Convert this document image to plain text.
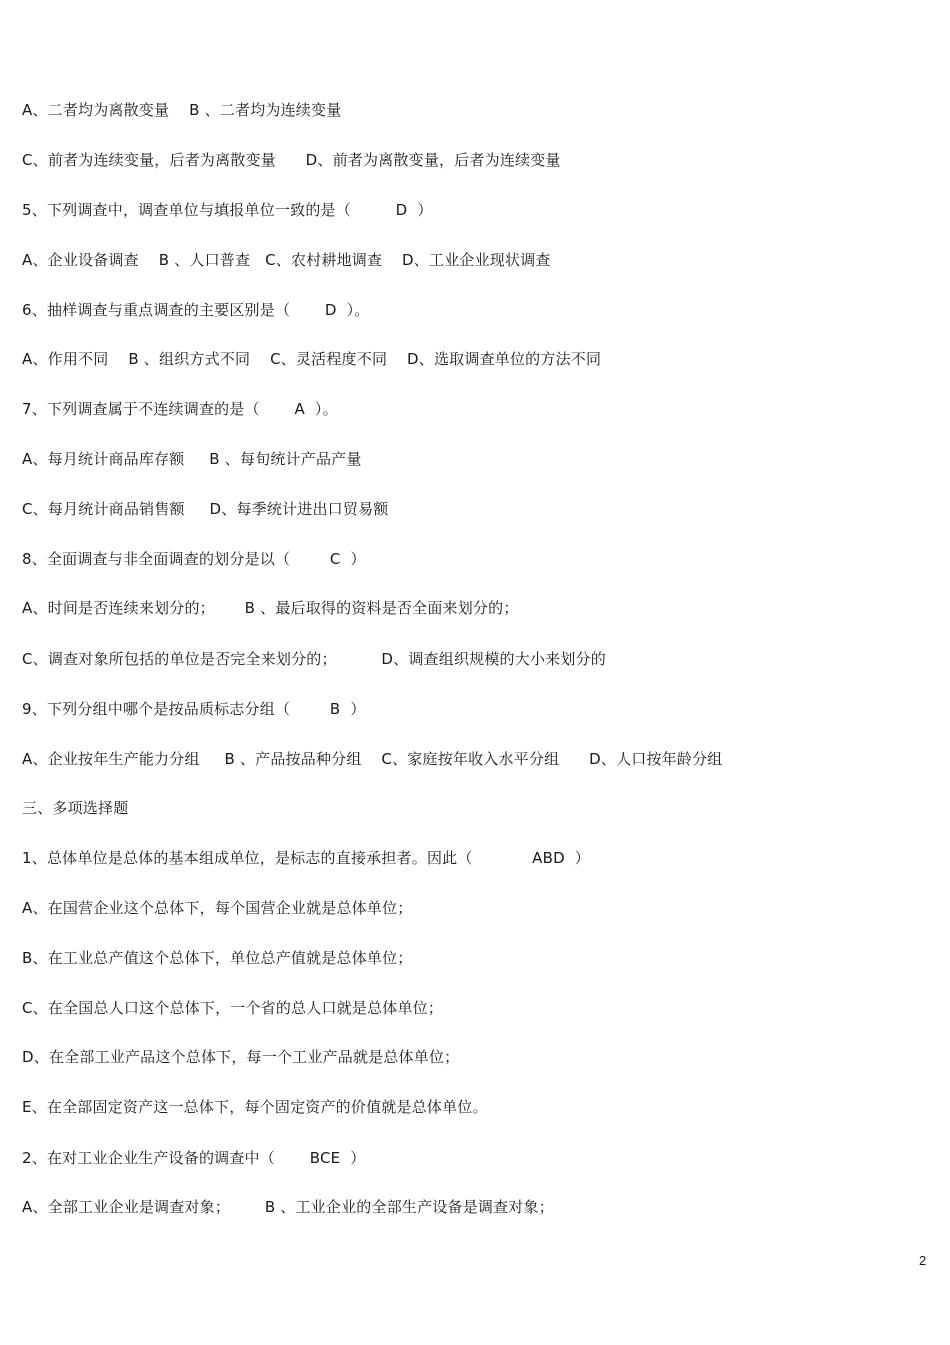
A、二者均为离散变量    B 、二者均为连续变量
C、前者为连续变量，后者为离散变量      D、前者为离散变量，后者为连续变量
5、下列调查中，调查单位与填报单位一致的是（         D  ）
A、企业设备调查    B 、人口普查   C、农村耕地调查    D、工业企业现状调查
6、抽样调查与重点调查的主要区别是（       D  ）。
A、作用不同    B 、组织方式不同    C、灵活程度不同    D、选取调查单位的方法不同
7、下列调查属于不连续调查的是（       A  ）。
A、每月统计商品库存额     B 、每旬统计产品产量
C、每月统计商品销售额     D、每季统计进出口贸易额
8、全面调查与非全面调查的划分是以（        C  ）
A、时间是否连续来划分的；      B 、最后取得的资料是否全面来划分的；
C、调查对象所包括的单位是否完全来划分的；         D、调查组织规模的大小来划分的
9、下列分组中哪个是按品质标志分组（        B  ）
A、企业按年生产能力分组     B 、产品按品种分组    C、家庭按年收入水平分组      D、人口按年龄分组
三、多项选择题
1、总体单位是总体的基本组成单位，是标志的直接承担者。因此（            ABD  ）
A、在国营企业这个总体下，每个国营企业就是总体单位；
B、在工业总产值这个总体下，单位总产值就是总体单位；
C、在全国总人口这个总体下，一个省的总人口就是总体单位；
D、在全部工业产品这个总体下，每一个工业产品就是总体单位；
E、在全部固定资产这一总体下，每个固定资产的价值就是总体单位。
2、在对工业企业生产设备的调查中（       BCE  ）
A、全部工业企业是调查对象；       B 、工业企业的全部生产设备是调查对象；
2
